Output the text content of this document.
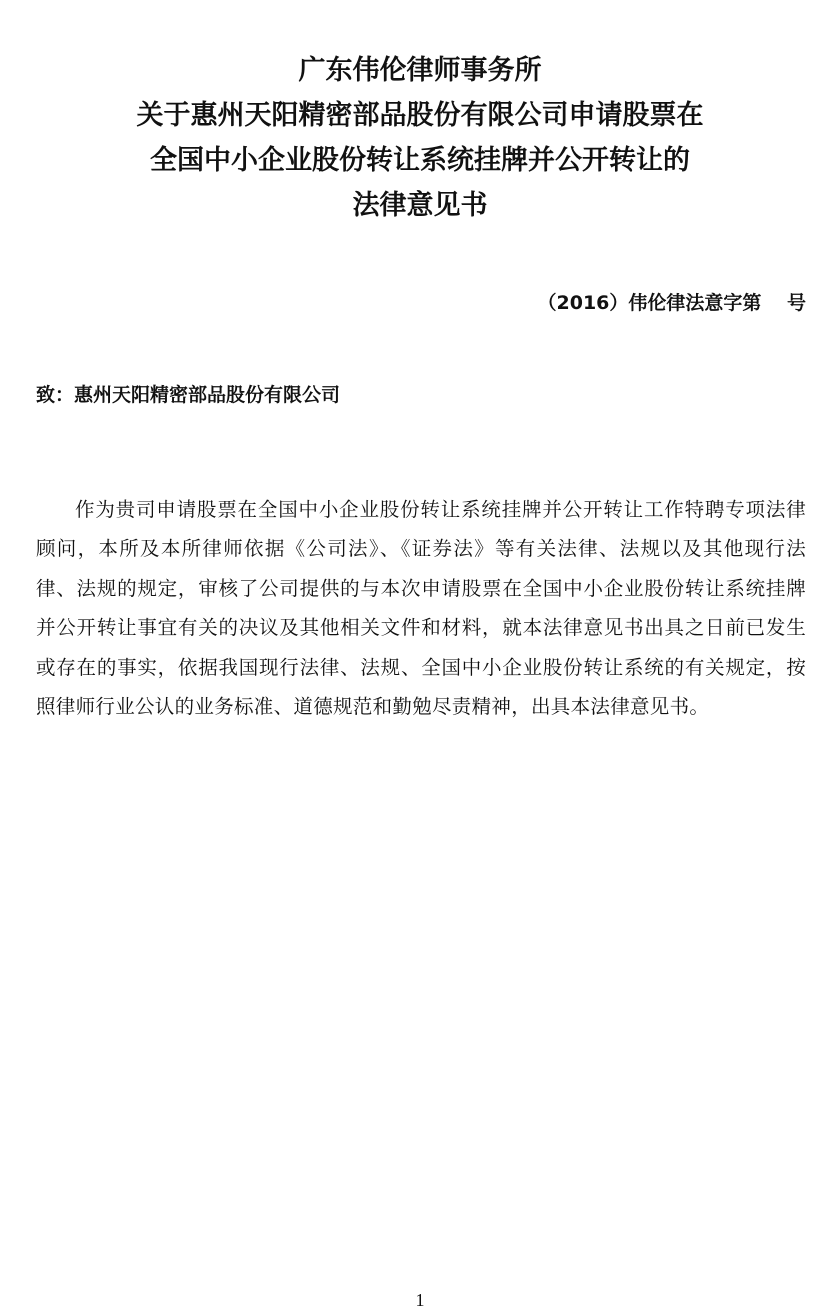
广东伟伦律师事务所
关于惠州天阳精密部品股份有限公司申请股票在
全国中小企业股份转让系统挂牌并公开转让的
法律意见书
（2016）伟伦律法意字第　 号
致：惠州天阳精密部品股份有限公司

作为贵司申请股票在全国中小企业股份转让系统挂牌并公开转让工作特聘专项法律顾问，本所及本所律师依据《公司法》、《证券法》等有关法律、法规以及其他现行法律、法规的规定，审核了公司提供的与本次申请股票在全国中小企业股份转让系统挂牌并公开转让事宜有关的决议及其他相关文件和材料，就本法律意见书出具之日前已发生或存在的事实，依据我国现行法律、法规、全国中小企业股份转让系统的有关规定，按照律师行业公认的业务标准、道德规范和勤勉尽责精神，出具本法律意见书。

1
